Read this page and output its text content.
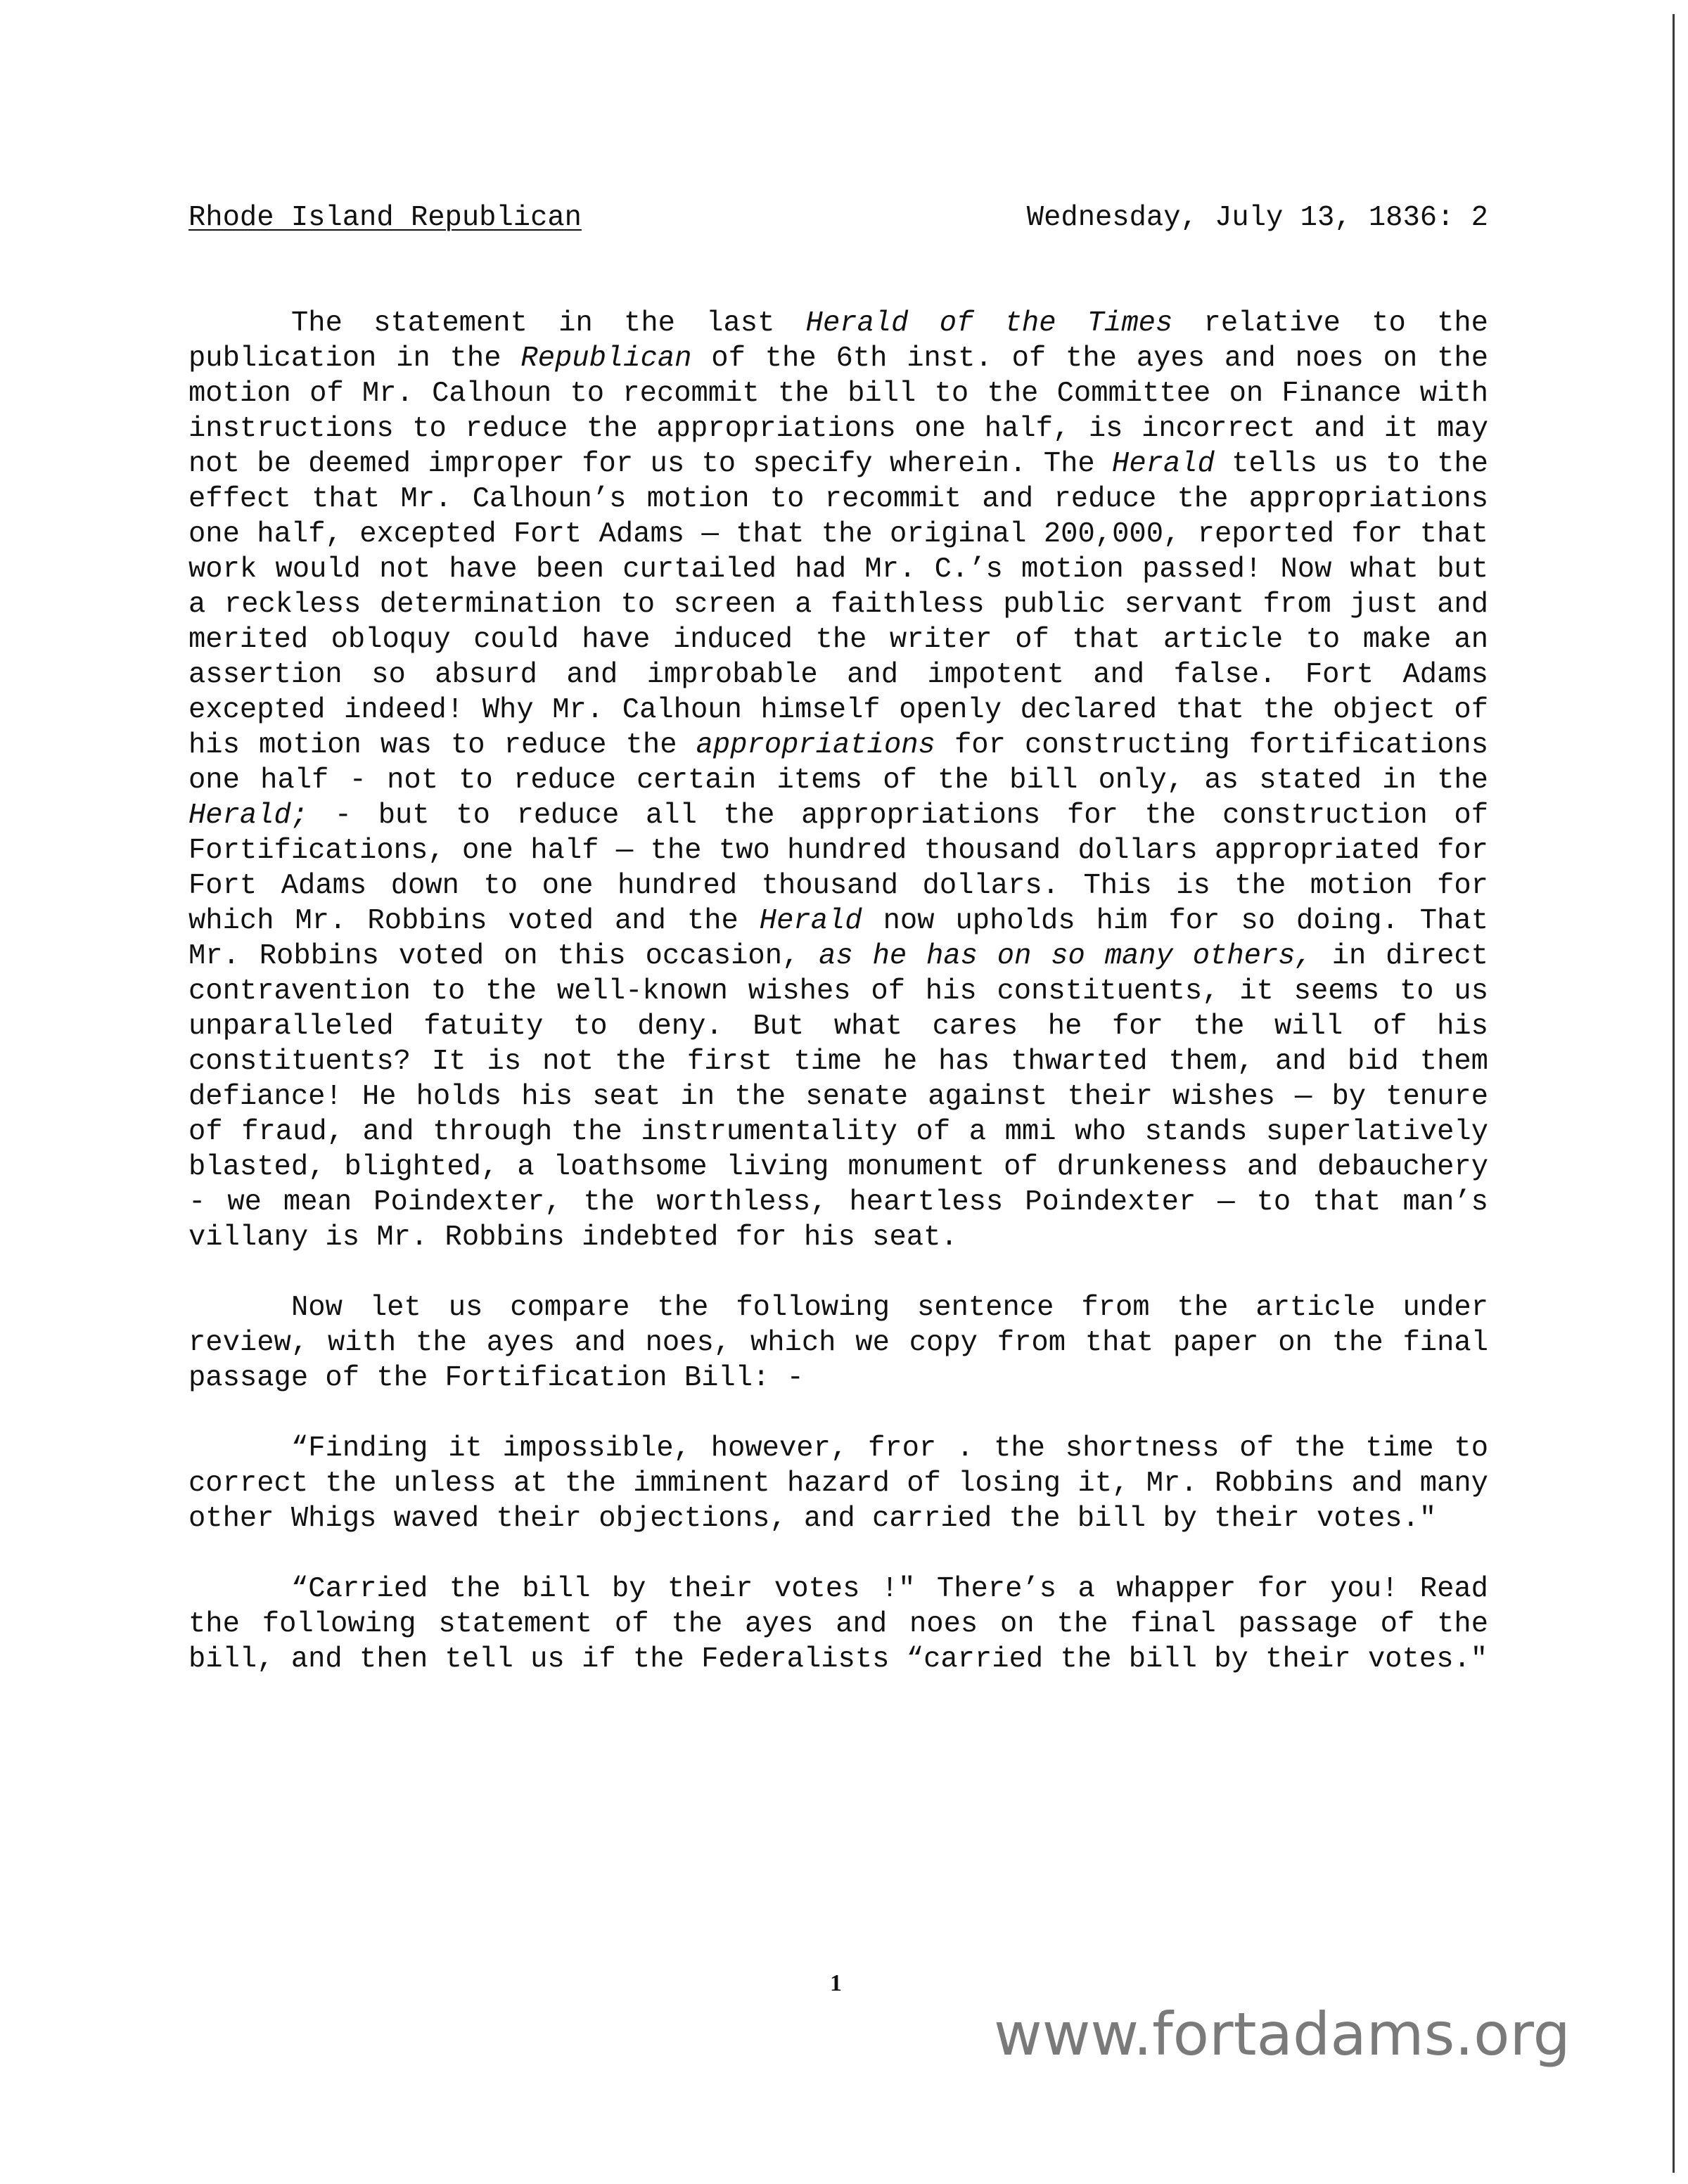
Rhode Island Republican	Wednesday, July 13, 1836: 2

The statement in the last Herald of the Times relative to the publication in the Republican of the 6th inst. of the ayes and noes on the motion of Mr. Calhoun to recommit the bill to the Committee on Finance with instructions to reduce the appropriations one half, is incorrect and it may not be deemed improper for us to specify wherein. The Herald tells us to the effect that Mr. Calhoun’s motion to recommit and reduce the appropriations one half, excepted Fort Adams — that the original 200,000, reported for that work would not have been curtailed had Mr. C.’s motion passed! Now what but a reckless determination to screen a faithless public servant from just and merited obloquy could have induced the writer of that article to make an assertion so absurd and improbable and impotent and false. Fort Adams excepted indeed! Why Mr. Calhoun himself openly declared that the object of his motion was to reduce the appropriations for constructing fortifications one half - not to reduce certain items of the bill only, as stated in the Herald; - but to reduce all the appropriations for the construction of Fortifications, one half — the two hundred thousand dollars appropriated for Fort Adams down to one hundred thousand dollars. This is the motion for which Mr. Robbins voted and the Herald now upholds him for so doing. That Mr. Robbins voted on this occasion, as he has on so many others, in direct contravention to the well-known wishes of his constituents, it seems to us unparalleled fatuity to deny. But what cares he for the will of his constituents? It is not the first time he has thwarted them, and bid them defiance! He holds his seat in the senate against their wishes — by tenure of fraud, and through the instrumentality of a mmi who stands superlatively blasted, blighted, a loathsome living monument of drunkeness and debauchery - we mean Poindexter, the worthless, heartless Poindexter — to that man’s villany is Mr. Robbins indebted for his seat.

Now let us compare the following sentence from the article under review, with the ayes and noes, which we copy from that paper on the final passage of the Fortification Bill: -

“Finding it impossible, however, fror . the shortness of the time to correct the unless at the imminent hazard of losing it, Mr. Robbins and many other Whigs waved their objections, and carried the bill by their votes."

“Carried the bill by their votes !" There’s a whapper for you! Read the following statement of the ayes and noes on the final passage of the bill, and then tell us if the Federalists “carried the bill by their votes."

1
www.fortadams.org
